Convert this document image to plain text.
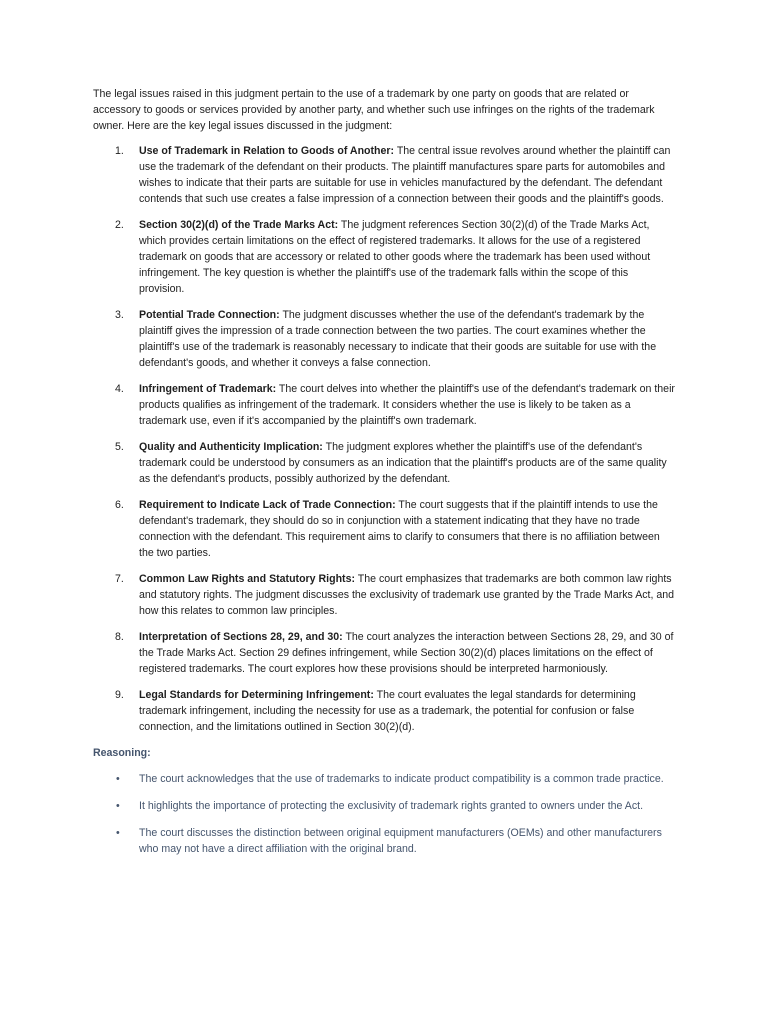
The legal issues raised in this judgment pertain to the use of a trademark by one party on goods that are related or accessory to goods or services provided by another party, and whether such use infringes on the rights of the trademark owner. Here are the key legal issues discussed in the judgment:

1. Use of Trademark in Relation to Goods of Another: The central issue revolves around whether the plaintiff can use the trademark of the defendant on their products. The plaintiff manufactures spare parts for automobiles and wishes to indicate that their parts are suitable for use in vehicles manufactured by the defendant. The defendant contends that such use creates a false impression of a connection between their goods and the plaintiff's goods.
2. Section 30(2)(d) of the Trade Marks Act: The judgment references Section 30(2)(d) of the Trade Marks Act, which provides certain limitations on the effect of registered trademarks. It allows for the use of a registered trademark on goods that are accessory or related to other goods where the trademark has been used without infringement. The key question is whether the plaintiff's use of the trademark falls within the scope of this provision.
3. Potential Trade Connection: The judgment discusses whether the use of the defendant's trademark by the plaintiff gives the impression of a trade connection between the two parties. The court examines whether the plaintiff's use of the trademark is reasonably necessary to indicate that their goods are suitable for use with the defendant's goods, and whether it conveys a false connection.
4. Infringement of Trademark: The court delves into whether the plaintiff's use of the defendant's trademark on their products qualifies as infringement of the trademark. It considers whether the use is likely to be taken as a trademark use, even if it's accompanied by the plaintiff's own trademark.
5. Quality and Authenticity Implication: The judgment explores whether the plaintiff's use of the defendant's trademark could be understood by consumers as an indication that the plaintiff's products are of the same quality as the defendant's products, possibly authorized by the defendant.
6. Requirement to Indicate Lack of Trade Connection: The court suggests that if the plaintiff intends to use the defendant's trademark, they should do so in conjunction with a statement indicating that they have no trade connection with the defendant. This requirement aims to clarify to consumers that there is no affiliation between the two parties.
7. Common Law Rights and Statutory Rights: The court emphasizes that trademarks are both common law rights and statutory rights. The judgment discusses the exclusivity of trademark use granted by the Trade Marks Act, and how this relates to common law principles.
8. Interpretation of Sections 28, 29, and 30: The court analyzes the interaction between Sections 28, 29, and 30 of the Trade Marks Act. Section 29 defines infringement, while Section 30(2)(d) places limitations on the effect of registered trademarks. The court explores how these provisions should be interpreted harmoniously.
9. Legal Standards for Determining Infringement: The court evaluates the legal standards for determining trademark infringement, including the necessity for use as a trademark, the potential for confusion or false connection, and the limitations outlined in Section 30(2)(d).
Reasoning:
• The court acknowledges that the use of trademarks to indicate product compatibility is a common trade practice.
• It highlights the importance of protecting the exclusivity of trademark rights granted to owners under the Act.
• The court discusses the distinction between original equipment manufacturers (OEMs) and other manufacturers who may not have a direct affiliation with the original brand.
